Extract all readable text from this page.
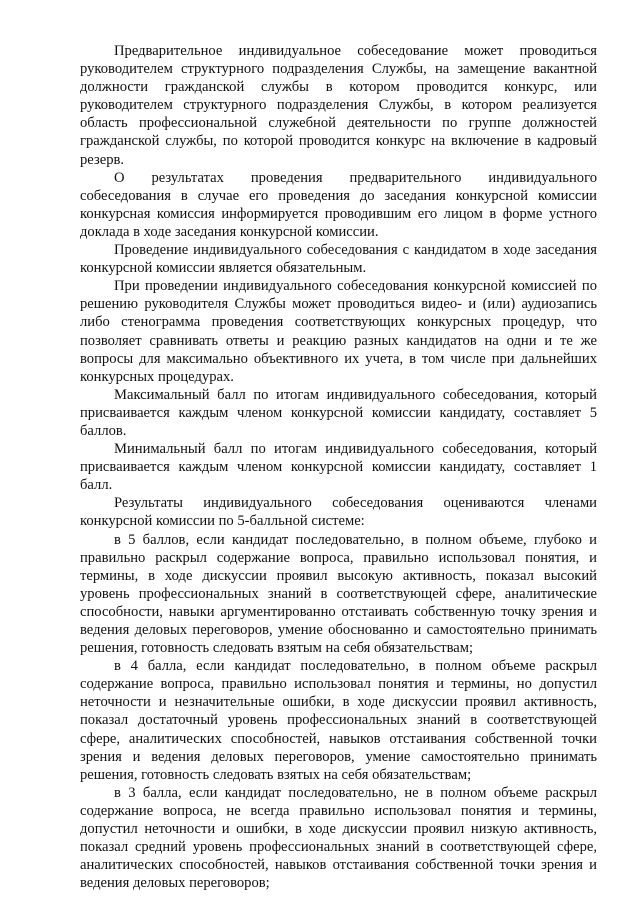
Предварительное индивидуальное собеседование может проводиться руководителем структурного подразделения Службы, на замещение вакантной должности гражданской службы в котором проводится конкурс, или руководителем структурного подразделения Службы, в котором реализуется область профессиональной служебной деятельности по группе должностей гражданской службы, по которой проводится конкурс на включение в кадровый резерв.

О результатах проведения предварительного индивидуального собеседования в случае его проведения до заседания конкурсной комиссии конкурсная комиссия информируется проводившим его лицом в форме устного доклада в ходе заседания конкурсной комиссии.

Проведение индивидуального собеседования с кандидатом в ходе заседания конкурсной комиссии является обязательным.

При проведении индивидуального собеседования конкурсной комиссией по решению руководителя Службы может проводиться видео- и (или) аудиозапись либо стенограмма проведения соответствующих конкурсных процедур, что позволяет сравнивать ответы и реакцию разных кандидатов на одни и те же вопросы для максимально объективного их учета, в том числе при дальнейших конкурсных процедурах.

Максимальный балл по итогам индивидуального собеседования, который присваивается каждым членом конкурсной комиссии кандидату, составляет 5 баллов.

Минимальный балл по итогам индивидуального собеседования, который присваивается каждым членом конкурсной комиссии кандидату, составляет 1 балл.

Результаты индивидуального собеседования оцениваются членами конкурсной комиссии по 5-балльной системе:

в 5 баллов, если кандидат последовательно, в полном объеме, глубоко и правильно раскрыл содержание вопроса, правильно использовал понятия, и термины, в ходе дискуссии проявил высокую активность, показал высокий уровень профессиональных знаний в соответствующей сфере, аналитические способности, навыки аргументированно отстаивать собственную точку зрения и ведения деловых переговоров, умение обоснованно и самостоятельно принимать решения, готовность следовать взятым на себя обязательствам;

в 4 балла, если кандидат последовательно, в полном объеме раскрыл содержание вопроса, правильно использовал понятия и термины, но допустил неточности и незначительные ошибки, в ходе дискуссии проявил активность, показал достаточный уровень профессиональных знаний в соответствующей сфере, аналитических способностей, навыков отстаивания собственной точки зрения и ведения деловых переговоров, умение самостоятельно принимать решения, готовность следовать взятых на себя обязательствам;

в 3 балла, если кандидат последовательно, не в полном объеме раскрыл содержание вопроса, не всегда правильно использовал понятия и термины, допустил неточности и ошибки, в ходе дискуссии проявил низкую активность, показал средний уровень профессиональных знаний в соответствующей сфере, аналитических способностей, навыков отстаивания собственной точки зрения и ведения деловых переговоров;
